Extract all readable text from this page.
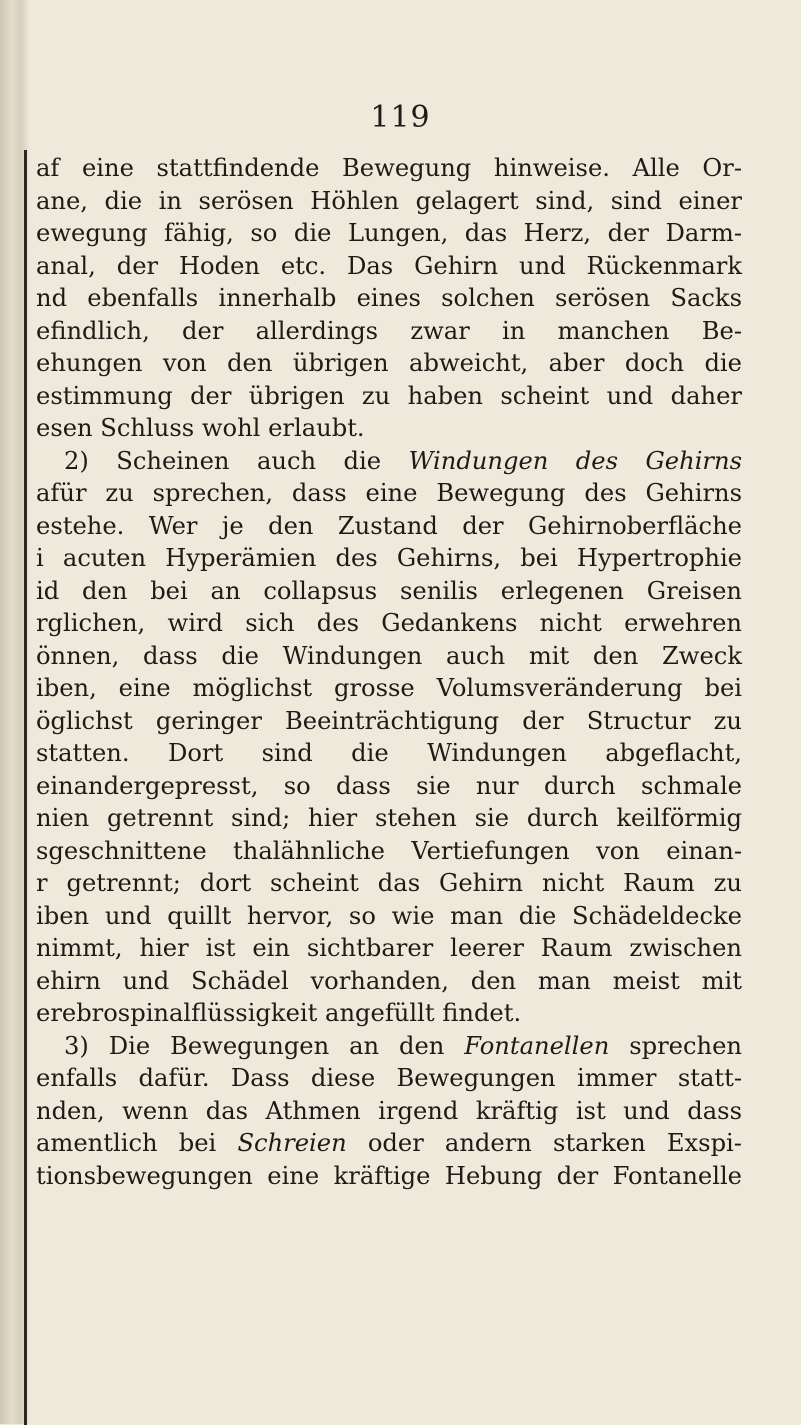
119
af eine stattfindende Bewegung hinweise. Alle Or-
ane, die in serösen Höhlen gelagert sind, sind einer
ewegung fähig, so die Lungen, das Herz, der Darm-
anal, der Hoden etc. Das Gehirn und Rückenmark
nd ebenfalls innerhalb eines solchen serösen Sacks
efindlich, der allerdings zwar in manchen Be-
ehungen von den übrigen abweicht, aber doch die
estimmung der übrigen zu haben scheint und daher
esen Schluss wohl erlaubt.
2) Scheinen auch die Windungen des Gehirns
afür zu sprechen, dass eine Bewegung des Gehirns
estehe. Wer je den Zustand der Gehirnoberfläche
i acuten Hyperämien des Gehirns, bei Hypertrophie
id den bei an collapsus senilis erlegenen Greisen
rglichen, wird sich des Gedankens nicht erwehren
önnen, dass die Windungen auch mit den Zweck
iben, eine möglichst grosse Volumsveränderung bei
öglichst geringer Beeinträchtigung der Structur zu
statten. Dort sind die Windungen abgeflacht,
einandergepresst, so dass sie nur durch schmale
nien getrennt sind; hier stehen sie durch keilförmig
sgeschnittene thalähnliche Vertiefungen von einan-
r getrennt; dort scheint das Gehirn nicht Raum zu
iben und quillt hervor, so wie man die Schädeldecke
nimmt, hier ist ein sichtbarer leerer Raum zwischen
ehirn und Schädel vorhanden, den man meist mit
erebrospinalflüssigkeit angefüllt findet.
3) Die Bewegungen an den Fontanellen sprechen
enfalls dafür. Dass diese Bewegungen immer statt-
nden, wenn das Athmen irgend kräftig ist und dass
amentlich bei Schreien oder andern starken Exspi-
tionsbewegungen eine kräftige Hebung der Fontanelle
